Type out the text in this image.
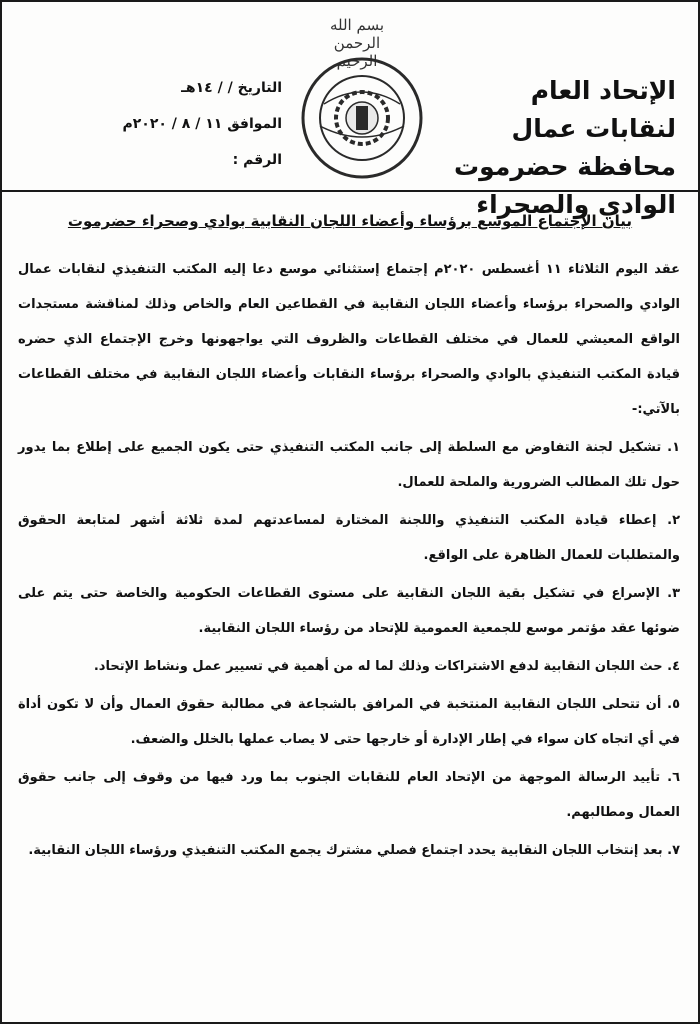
الإتحاد العام لنقابات عمال
محافظة حضرموت
الوادي والصحراء
بسم الله الرحمن الرحيم
التاريخ / / ١٤هـ
الموافق ١١ / ٨ / ٢٠٢٠م
الرقم :
بيان الإجتماع الموسع برؤساء وأعضاء اللجان النقابية بوادي وصحراء حضرموت

عقد اليوم الثلاثاء ١١ أغسطس ٢٠٢٠م إجتماع إستثنائي موسع دعا إليه المكتب التنفيذي لنقابات عمال الوادي والصحراء برؤساء وأعضاء اللجان النقابية في القطاعين العام والخاص وذلك لمناقشة مستجدات الواقع المعيشي للعمال في مختلف القطاعات والظروف التي يواجهونها وخرج الإجتماع الذي حضره قيادة المكتب التنفيذي بالوادي والصحراء برؤساء النقابات وأعضاء اللجان النقابية في مختلف القطاعات بالآتي:-

١. تشكيل لجنة التفاوض مع السلطة إلى جانب المكتب التنفيذي حتى يكون الجميع على إطلاع بما يدور حول تلك المطالب الضرورية والملحة للعمال.

٢. إعطاء قيادة المكتب التنفيذي واللجنة المختارة لمساعدتهم لمدة ثلاثة أشهر لمتابعة الحقوق والمتطلبات للعمال الظاهرة على الواقع.

٣. الإسراع في تشكيل بقية اللجان النقابية على مستوى القطاعات الحكومية والخاصة حتى يتم على ضوئها عقد مؤتمر موسع للجمعية العمومية للإتحاد من رؤساء اللجان النقابية.

٤. حث اللجان النقابية لدفع الاشتراكات وذلك لما له من أهمية في تسيير عمل ونشاط الإتحاد.

٥. أن تتحلى اللجان النقابية المنتخبة في المرافق بالشجاعة في مطالبة حقوق العمال وأن لا تكون أداة في أي اتجاه كان سواء في إطار الإدارة أو خارجها حتى لا يصاب عملها بالخلل والضعف.

٦. تأييد الرسالة الموجهة من الإتحاد العام للنقابات الجنوب بما ورد فيها من وقوف إلى جانب حقوق العمال ومطالبهم.

٧. بعد إنتخاب اللجان النقابية يحدد اجتماع فصلي مشترك يجمع المكتب التنفيذي ورؤساء اللجان النقابية.
